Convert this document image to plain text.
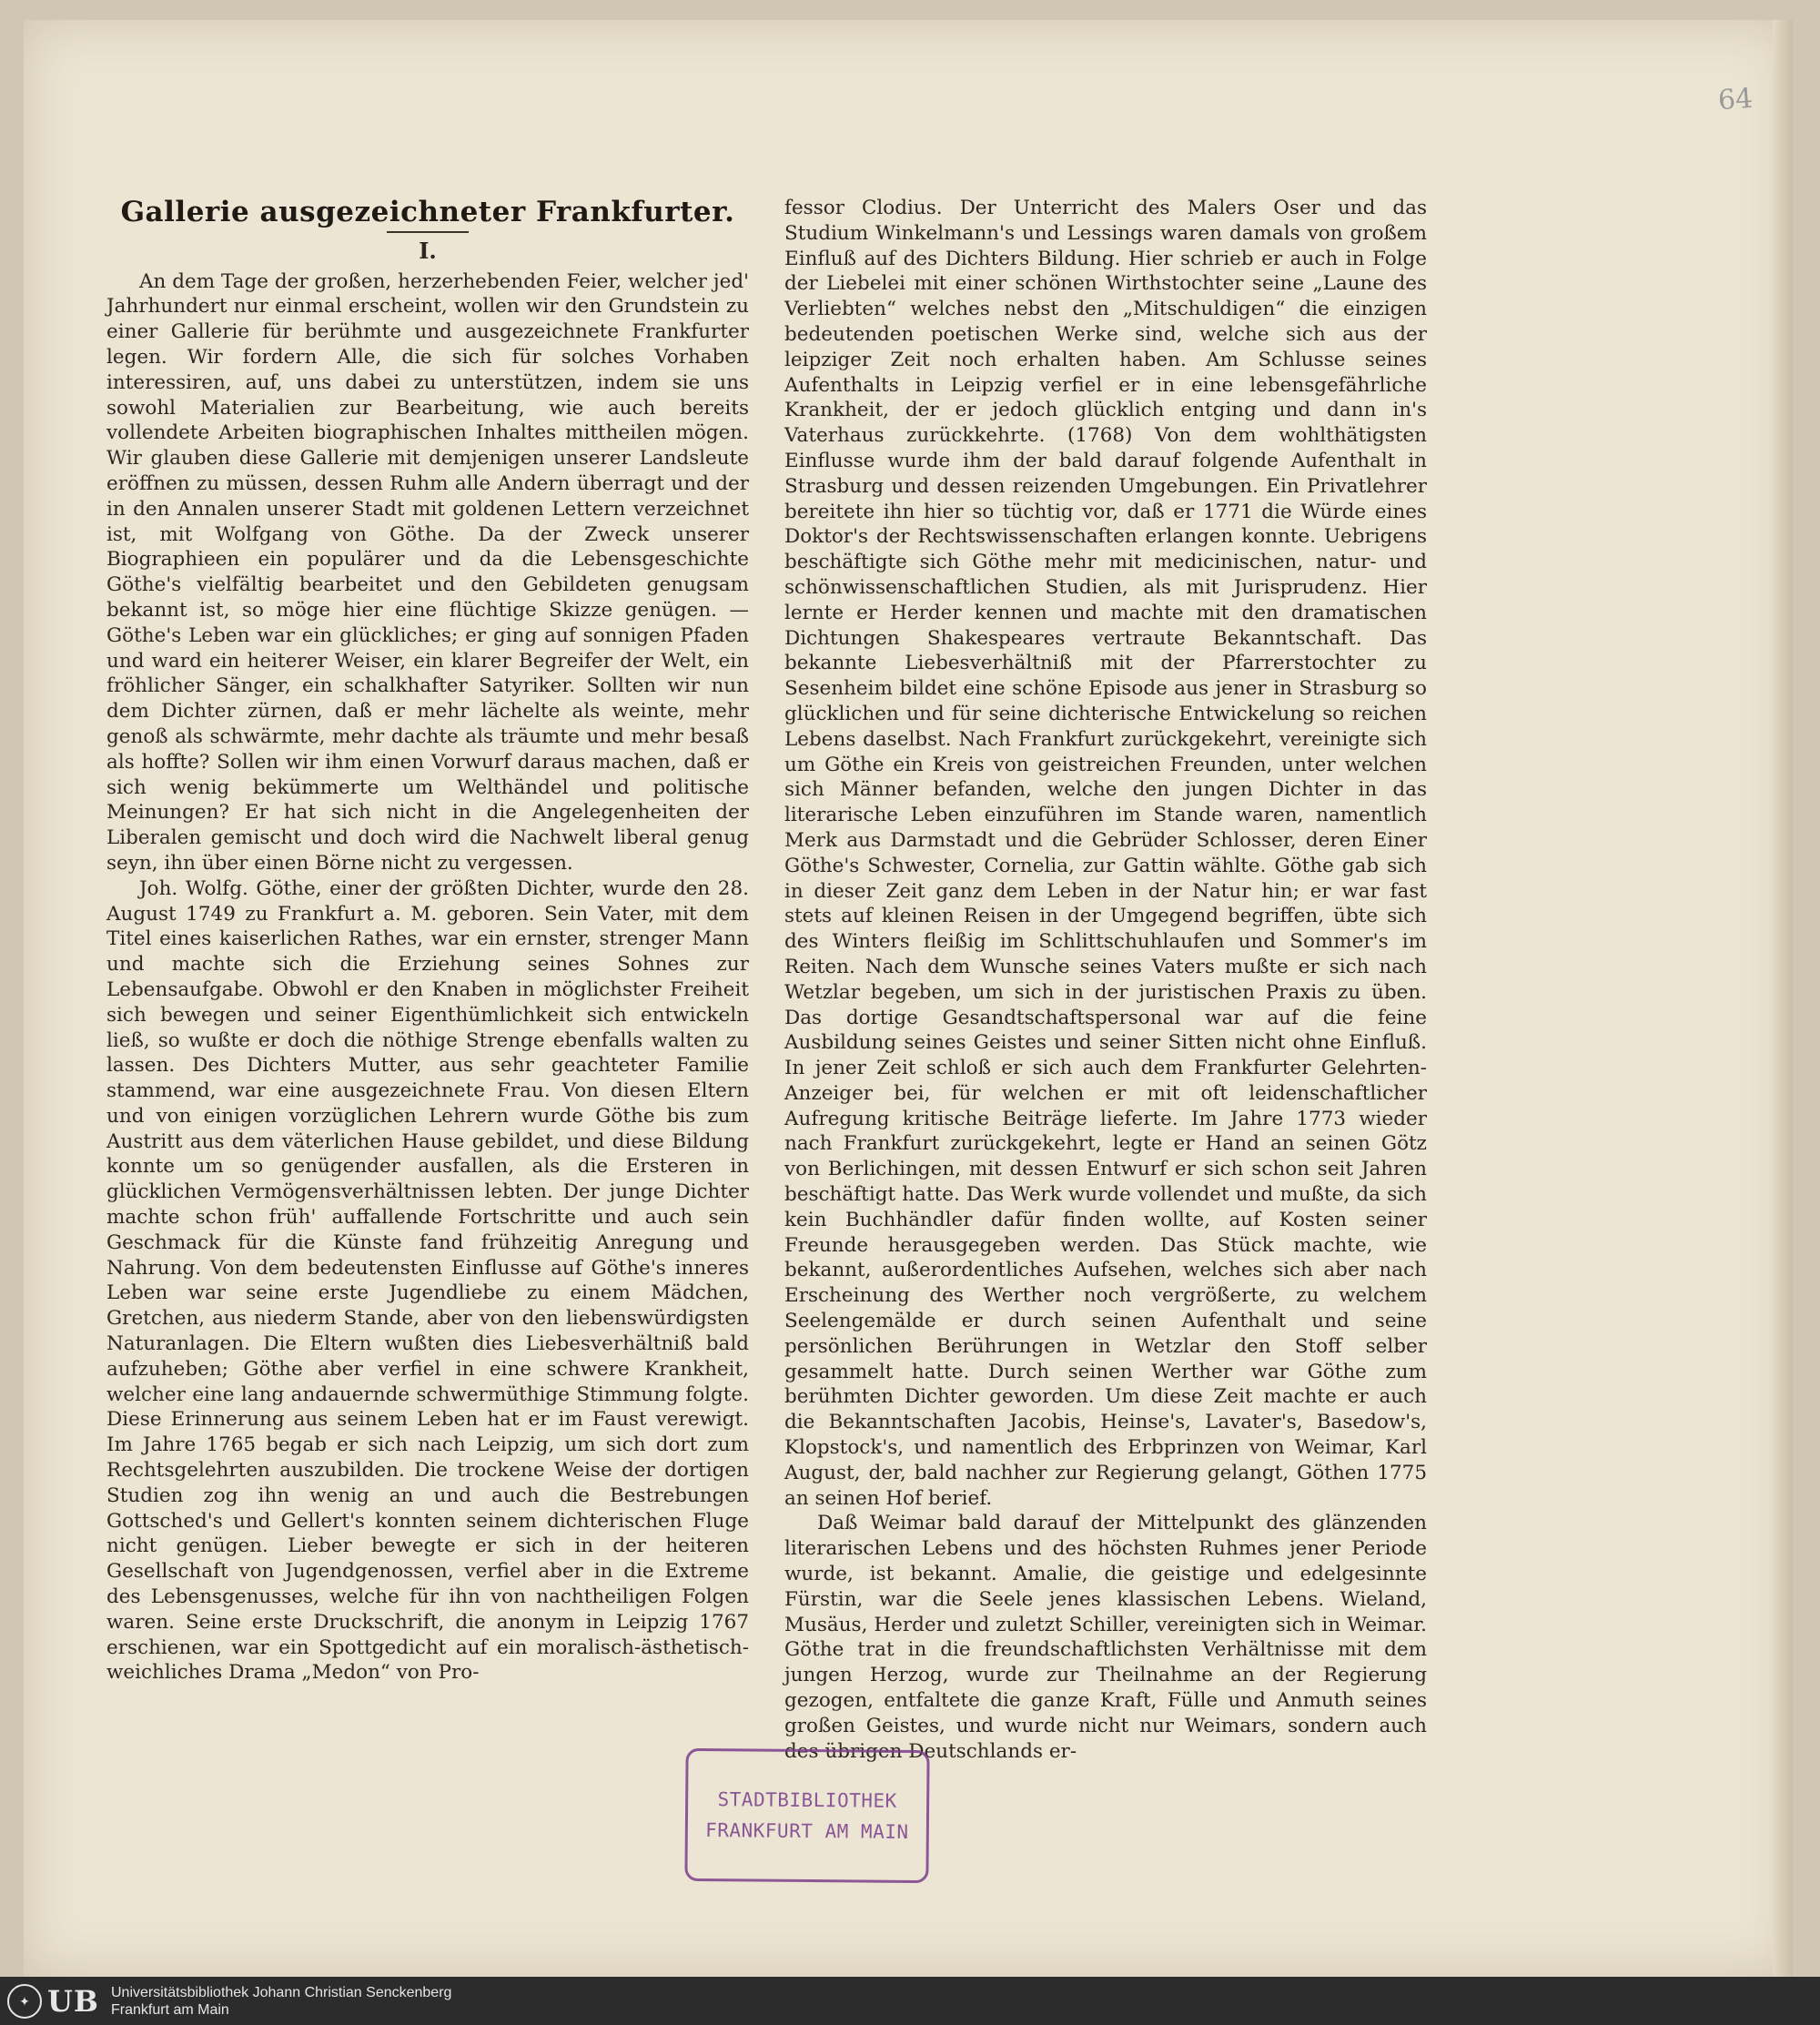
64
Gallerie ausgezeichneter Frankfurter.
I.

An dem Tage der großen, herzerhebenden Feier, welcher jed' Jahrhundert nur einmal erscheint, wollen wir den Grundstein zu einer Gallerie für berühmte und ausgezeichnete Frankfurter legen. Wir fordern Alle, die sich für solches Vorhaben interessiren, auf, uns dabei zu unterstützen, indem sie uns sowohl Materialien zur Bearbeitung, wie auch bereits vollendete Arbeiten biographischen Inhaltes mittheilen mögen. Wir glauben diese Gallerie mit demjenigen unserer Landsleute eröffnen zu müssen, dessen Ruhm alle Andern überragt und der in den Annalen unserer Stadt mit goldenen Lettern verzeichnet ist, mit Wolfgang von Göthe. Da der Zweck unserer Biographieen ein populärer und da die Lebensgeschichte Göthe's vielfältig bearbeitet und den Gebildeten genugsam bekannt ist, so möge hier eine flüchtige Skizze genügen. — Göthe's Leben war ein glückliches; er ging auf sonnigen Pfaden und ward ein heiterer Weiser, ein klarer Begreifer der Welt, ein fröhlicher Sänger, ein schalkhafter Satyriker. Sollten wir nun dem Dichter zürnen, daß er mehr lächelte als weinte, mehr genoß als schwärmte, mehr dachte als träumte und mehr besaß als hoffte? Sollen wir ihm einen Vorwurf daraus machen, daß er sich wenig bekümmerte um Welthändel und politische Meinungen? Er hat sich nicht in die Angelegenheiten der Liberalen gemischt und doch wird die Nachwelt liberal genug seyn, ihn über einen Börne nicht zu vergessen.

Joh. Wolfg. Göthe, einer der größten Dichter, wurde den 28. August 1749 zu Frankfurt a. M. geboren. Sein Vater, mit dem Titel eines kaiserlichen Rathes, war ein ernster, strenger Mann und machte sich die Erziehung seines Sohnes zur Lebensaufgabe. Obwohl er den Knaben in möglichster Freiheit sich bewegen und seiner Eigenthümlichkeit sich entwickeln ließ, so wußte er doch die nöthige Strenge ebenfalls walten zu lassen. Des Dichters Mutter, aus sehr geachteter Familie stammend, war eine ausgezeichnete Frau. Von diesen Eltern und von einigen vorzüglichen Lehrern wurde Göthe bis zum Austritt aus dem väterlichen Hause gebildet, und diese Bildung konnte um so genügender ausfallen, als die Ersteren in glücklichen Vermögensverhältnissen lebten. Der junge Dichter machte schon früh' auffallende Fortschritte und auch sein Geschmack für die Künste fand frühzeitig Anregung und Nahrung. Von dem bedeutensten Einflusse auf Göthe's inneres Leben war seine erste Jugendliebe zu einem Mädchen, Gretchen, aus niederm Stande, aber von den liebenswürdigsten Naturanlagen. Die Eltern wußten dies Liebesverhältniß bald aufzuheben; Göthe aber verfiel in eine schwere Krankheit, welcher eine lang andauernde schwermüthige Stimmung folgte. Diese Erinnerung aus seinem Leben hat er im Faust verewigt. Im Jahre 1765 begab er sich nach Leipzig, um sich dort zum Rechtsgelehrten auszubilden. Die trockene Weise der dortigen Studien zog ihn wenig an und auch die Bestrebungen Gottsched's und Gellert's konnten seinem dichterischen Fluge nicht genügen. Lieber bewegte er sich in der heiteren Gesellschaft von Jugendgenossen, verfiel aber in die Extreme des Lebensgenusses, welche für ihn von nachtheiligen Folgen waren. Seine erste Druckschrift, die anonym in Leipzig 1767 erschienen, war ein Spottgedicht auf ein moralisch-ästhetisch-weichliches Drama „Medon“ von Pro-

fessor Clodius. Der Unterricht des Malers Oser und das Studium Winkelmann's und Lessings waren damals von großem Einfluß auf des Dichters Bildung. Hier schrieb er auch in Folge der Liebelei mit einer schönen Wirthstochter seine „Laune des Verliebten“ welches nebst den „Mitschuldigen“ die einzigen bedeutenden poetischen Werke sind, welche sich aus der leipziger Zeit noch erhalten haben. Am Schlusse seines Aufenthalts in Leipzig verfiel er in eine lebensgefährliche Krankheit, der er jedoch glücklich entging und dann in's Vaterhaus zurückkehrte. (1768) Von dem wohlthätigsten Einflusse wurde ihm der bald darauf folgende Aufenthalt in Strasburg und dessen reizenden Umgebungen. Ein Privatlehrer bereitete ihn hier so tüchtig vor, daß er 1771 die Würde eines Doktor's der Rechtswissenschaften erlangen konnte. Uebrigens beschäftigte sich Göthe mehr mit medicinischen, natur- und schönwissenschaftlichen Studien, als mit Jurisprudenz. Hier lernte er Herder kennen und machte mit den dramatischen Dichtungen Shakespeares vertraute Bekanntschaft. Das bekannte Liebesverhältniß mit der Pfarrerstochter zu Sesenheim bildet eine schöne Episode aus jener in Strasburg so glücklichen und für seine dichterische Entwickelung so reichen Lebens daselbst. Nach Frankfurt zurückgekehrt, vereinigte sich um Göthe ein Kreis von geistreichen Freunden, unter welchen sich Männer befanden, welche den jungen Dichter in das literarische Leben einzuführen im Stande waren, namentlich Merk aus Darmstadt und die Gebrüder Schlosser, deren Einer Göthe's Schwester, Cornelia, zur Gattin wählte. Göthe gab sich in dieser Zeit ganz dem Leben in der Natur hin; er war fast stets auf kleinen Reisen in der Umgegend begriffen, übte sich des Winters fleißig im Schlittschuhlaufen und Sommer's im Reiten. Nach dem Wunsche seines Vaters mußte er sich nach Wetzlar begeben, um sich in der juristischen Praxis zu üben. Das dortige Gesandtschaftspersonal war auf die feine Ausbildung seines Geistes und seiner Sitten nicht ohne Einfluß. In jener Zeit schloß er sich auch dem Frankfurter Gelehrten-Anzeiger bei, für welchen er mit oft leidenschaftlicher Aufregung kritische Beiträge lieferte. Im Jahre 1773 wieder nach Frankfurt zurückgekehrt, legte er Hand an seinen Götz von Berlichingen, mit dessen Entwurf er sich schon seit Jahren beschäftigt hatte. Das Werk wurde vollendet und mußte, da sich kein Buchhändler dafür finden wollte, auf Kosten seiner Freunde herausgegeben werden. Das Stück machte, wie bekannt, außerordentliches Aufsehen, welches sich aber nach Erscheinung des Werther noch vergrößerte, zu welchem Seelengemälde er durch seinen Aufenthalt und seine persönlichen Berührungen in Wetzlar den Stoff selber gesammelt hatte. Durch seinen Werther war Göthe zum berühmten Dichter geworden. Um diese Zeit machte er auch die Bekanntschaften Jacobis, Heinse's, Lavater's, Basedow's, Klopstock's, und namentlich des Erbprinzen von Weimar, Karl August, der, bald nachher zur Regierung gelangt, Göthen 1775 an seinen Hof berief.

Daß Weimar bald darauf der Mittelpunkt des glänzenden literarischen Lebens und des höchsten Ruhmes jener Periode wurde, ist bekannt. Amalie, die geistige und edelgesinnte Fürstin, war die Seele jenes klassischen Lebens. Wieland, Musäus, Herder und zuletzt Schiller, vereinigten sich in Weimar. Göthe trat in die freundschaftlichsten Verhältnisse mit dem jungen Herzog, wurde zur Theilnahme an der Regierung gezogen, entfaltete die ganze Kraft, Fülle und Anmuth seines großen Geistes, und wurde nicht nur Weimars, sondern auch des übrigen Deutschlands er-

STADTBIBLIOTHEK
FRANKFURT AM MAIN
✦ UB Universitätsbibliothek Johann Christian Senckenberg
Frankfurt am Main
